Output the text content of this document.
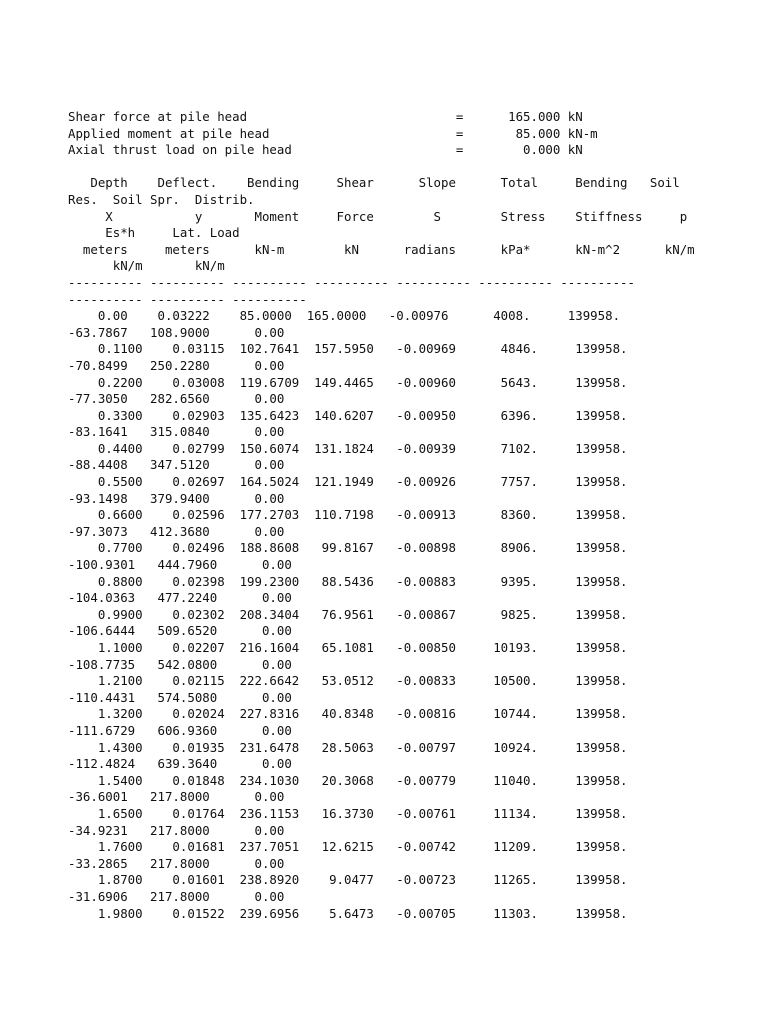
Shear force at pile head                            =      165.000 kN
Applied moment at pile head                         =       85.000 kN-m
Axial thrust load on pile head                      =        0.000 kN

Depth    Deflect.    Bending     Shear      Slope      Total     Bending   Soil
Res.  Soil Spr.  Distrib.
X           y       Moment     Force        S        Stress    Stiffness     p
Es*h     Lat. Load
meters     meters      kN-m        kN      radians      kPa*      kN-m^2      kN/m
kN/m       kN/m
---------- ---------- ---------- ---------- ---------- ---------- ----------
---------- ---------- ----------
0.00    0.03222    85.0000  165.0000   -0.00976      4008.     139958.
-63.7867   108.9000      0.00
0.1100    0.03115  102.7641  157.5950   -0.00969      4846.     139958.
-70.8499   250.2280      0.00
0.2200    0.03008  119.6709  149.4465   -0.00960      5643.     139958.
-77.3050   282.6560      0.00
0.3300    0.02903  135.6423  140.6207   -0.00950      6396.     139958.
-83.1641   315.0840      0.00
0.4400    0.02799  150.6074  131.1824   -0.00939      7102.     139958.
-88.4408   347.5120      0.00
0.5500    0.02697  164.5024  121.1949   -0.00926      7757.     139958.
-93.1498   379.9400      0.00
0.6600    0.02596  177.2703  110.7198   -0.00913      8360.     139958.
-97.3073   412.3680      0.00
0.7700    0.02496  188.8608   99.8167   -0.00898      8906.     139958.
-100.9301   444.7960      0.00
0.8800    0.02398  199.2300   88.5436   -0.00883      9395.     139958.
-104.0363   477.2240      0.00
0.9900    0.02302  208.3404   76.9561   -0.00867      9825.     139958.
-106.6444   509.6520      0.00
1.1000    0.02207  216.1604   65.1081   -0.00850     10193.     139958.
-108.7735   542.0800      0.00
1.2100    0.02115  222.6642   53.0512   -0.00833     10500.     139958.
-110.4431   574.5080      0.00
1.3200    0.02024  227.8316   40.8348   -0.00816     10744.     139958.
-111.6729   606.9360      0.00
1.4300    0.01935  231.6478   28.5063   -0.00797     10924.     139958.
-112.4824   639.3640      0.00
1.5400    0.01848  234.1030   20.3068   -0.00779     11040.     139958.
-36.6001   217.8000      0.00
1.6500    0.01764  236.1153   16.3730   -0.00761     11134.     139958.
-34.9231   217.8000      0.00
1.7600    0.01681  237.7051   12.6215   -0.00742     11209.     139958.
-33.2865   217.8000      0.00
1.8700    0.01601  238.8920    9.0477   -0.00723     11265.     139958.
-31.6906   217.8000      0.00
1.9800    0.01522  239.6956    5.6473   -0.00705     11303.     139958.
